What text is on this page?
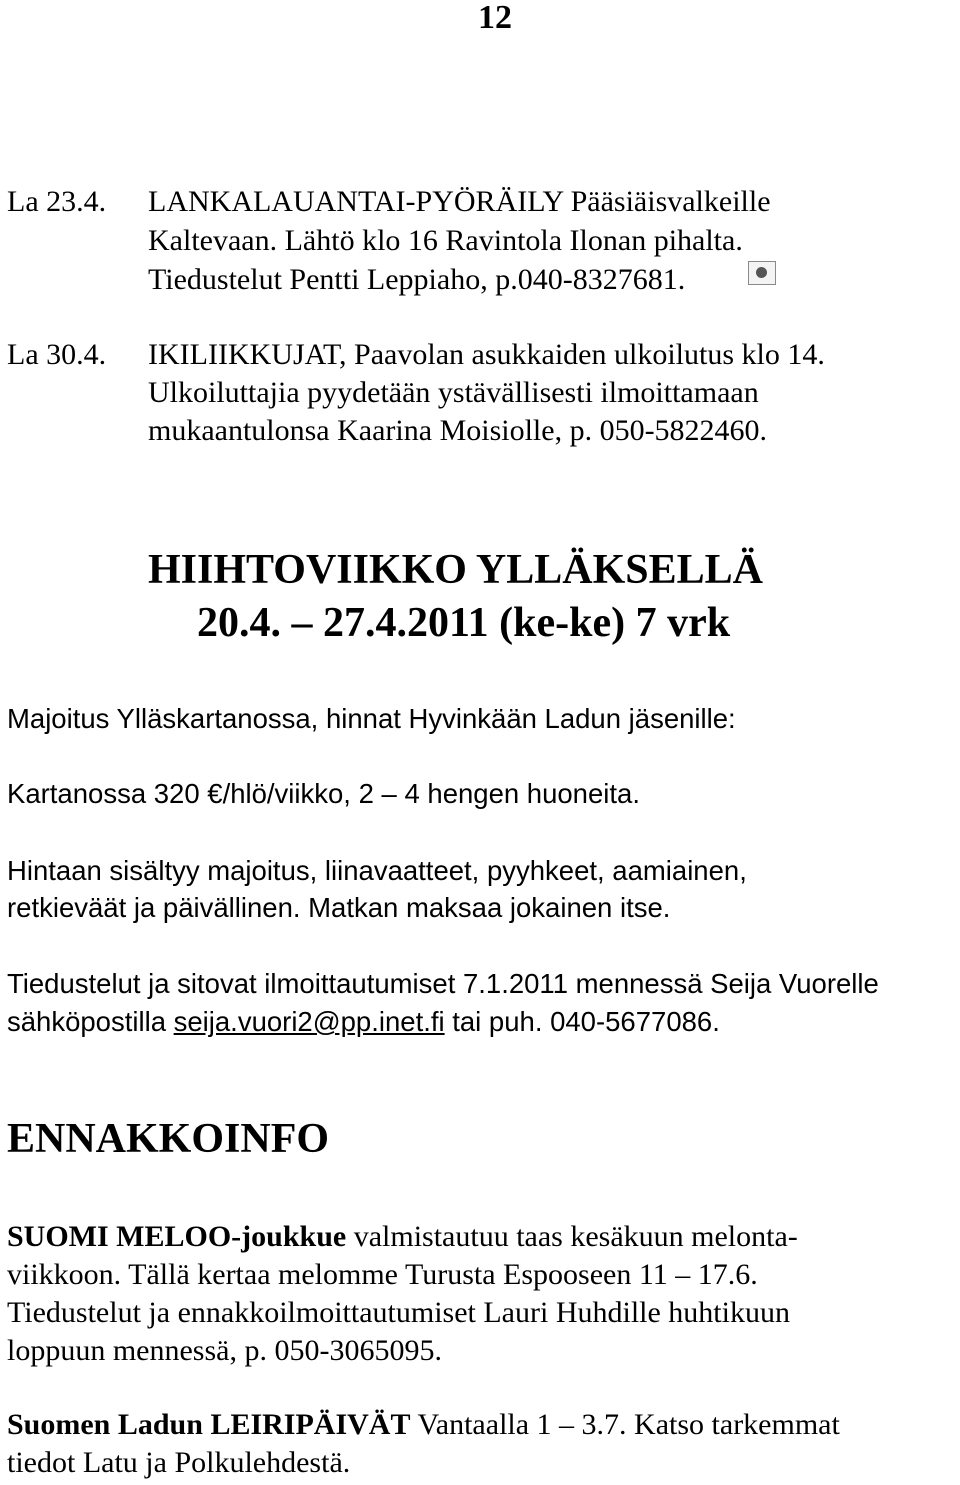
12
La 23.4. LANKALAUANTAI-PYÖRÄILY Pääsiäisvalkeille
Kaltevaan. Lähtö klo 16 Ravintola Ilonan pihalta.
Tiedustelut Pentti Leppiaho, p.040-8327681.
La 30.4. IKILIIKKUJAT, Paavolan asukkaiden ulkoilutus klo 14.
Ulkoiluttajia pyydetään ystävällisesti ilmoittamaan
mukaantulonsa Kaarina Moisiolle, p. 050-5822460.
HIIHTOVIIKKO YLLÄKSELLÄ
20.4. – 27.4.2011 (ke-ke) 7 vrk
Majoitus Ylläskartanossa, hinnat Hyvinkään Ladun jäsenille:
Kartanossa 320 €/hlö/viikko, 2 – 4 hengen huoneita.
Hintaan sisältyy majoitus, liinavaatteet, pyyhkeet, aamiainen,
retkieväät ja päivällinen. Matkan maksaa jokainen itse.
Tiedustelut ja sitovat ilmoittautumiset 7.1.2011 mennessä Seija Vuorelle
sähköpostilla seija.vuori2@pp.inet.fi tai puh. 040-5677086.
ENNAKKOINFO
SUOMI MELOO-joukkue valmistautuu taas kesäkuun melonta-
viikkoon. Tällä kertaa melomme Turusta Espooseen 11 – 17.6.
Tiedustelut ja ennakkoilmoittautumiset Lauri Huhdille huhtikuun
loppuun mennessä, p. 050-3065095.
Suomen Ladun LEIRIPÄIVÄT Vantaalla 1 – 3.7. Katso tarkemmat
tiedot Latu ja Polkulehdestä.
